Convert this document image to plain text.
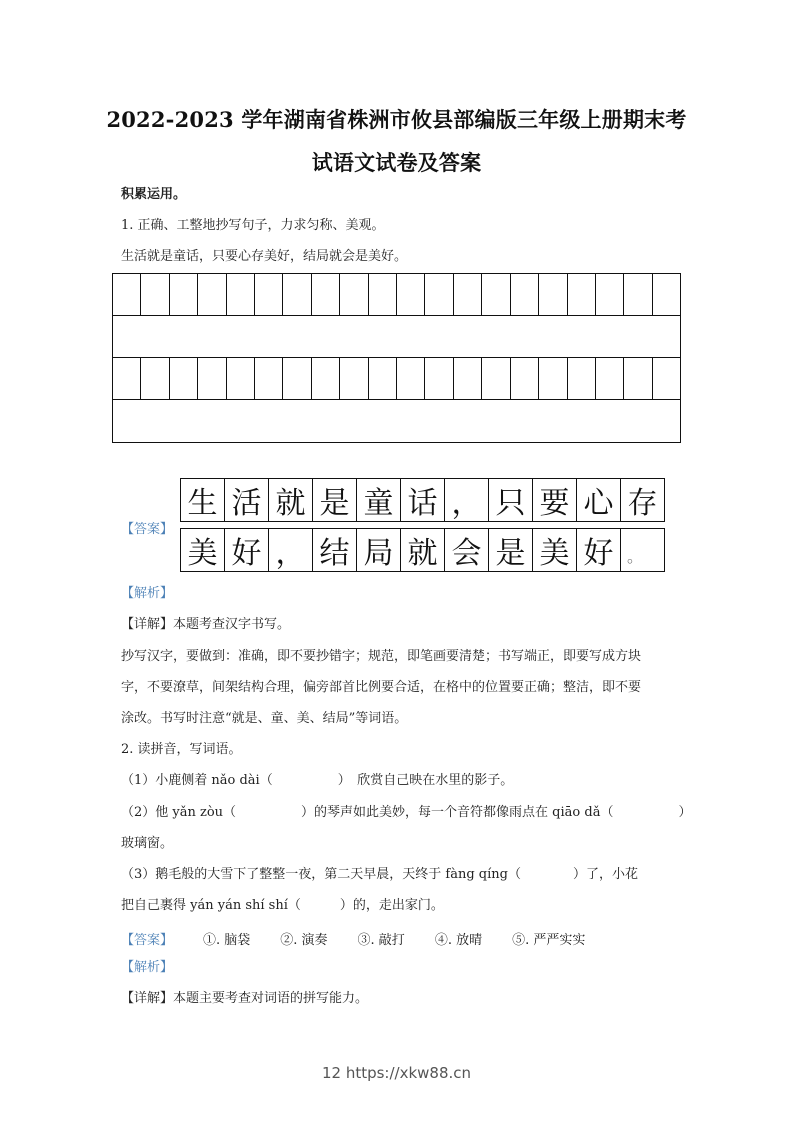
2022-2023 学年湖南省株洲市攸县部编版三年级上册期末考
试语文试卷及答案
积累运用。
1. 正确、工整地抄写句子，力求匀称、美观。
生活就是童话，只要心存美好，结局就会是美好。
【答案】
生 活 就 是 童 话 ， 只 要 心 存
美 好 ， 结 局 就 会 是 美 好 。
【解析】
【详解】本题考查汉字书写。
抄写汉字，要做到：准确，即不要抄错字；规范，即笔画要清楚；书写端正，即要写成方块
字，不要潦草，间架结构合理，偏旁部首比例要合适，在格中的位置要正确；整洁，即不要
涂改。书写时注意“就是、童、美、结局”等词语。
2. 读拼音，写词语。
（1）小鹿侧着 nǎo dài（　　　　　）　欣赏自己映在水里的影子。
（2）他 yǎn zòu（　　　　　）的琴声如此美妙，每一个音符都像雨点在 qiāo dǎ（　　　　　）
玻璃窗。
（3）鹅毛般的大雪下了整整一夜，第二天早晨，天终于 fàng qíng（　　　　）了，小花
把自己裹得 yán yán shí shí（　　　）的，走出家门。
【答案】 ①. 脑袋 ②. 演奏 ③. 敲打 ④. 放晴 ⑤. 严严实实
【解析】
【详解】本题主要考查对词语的拼写能力。
12 https://xkw88.cn
